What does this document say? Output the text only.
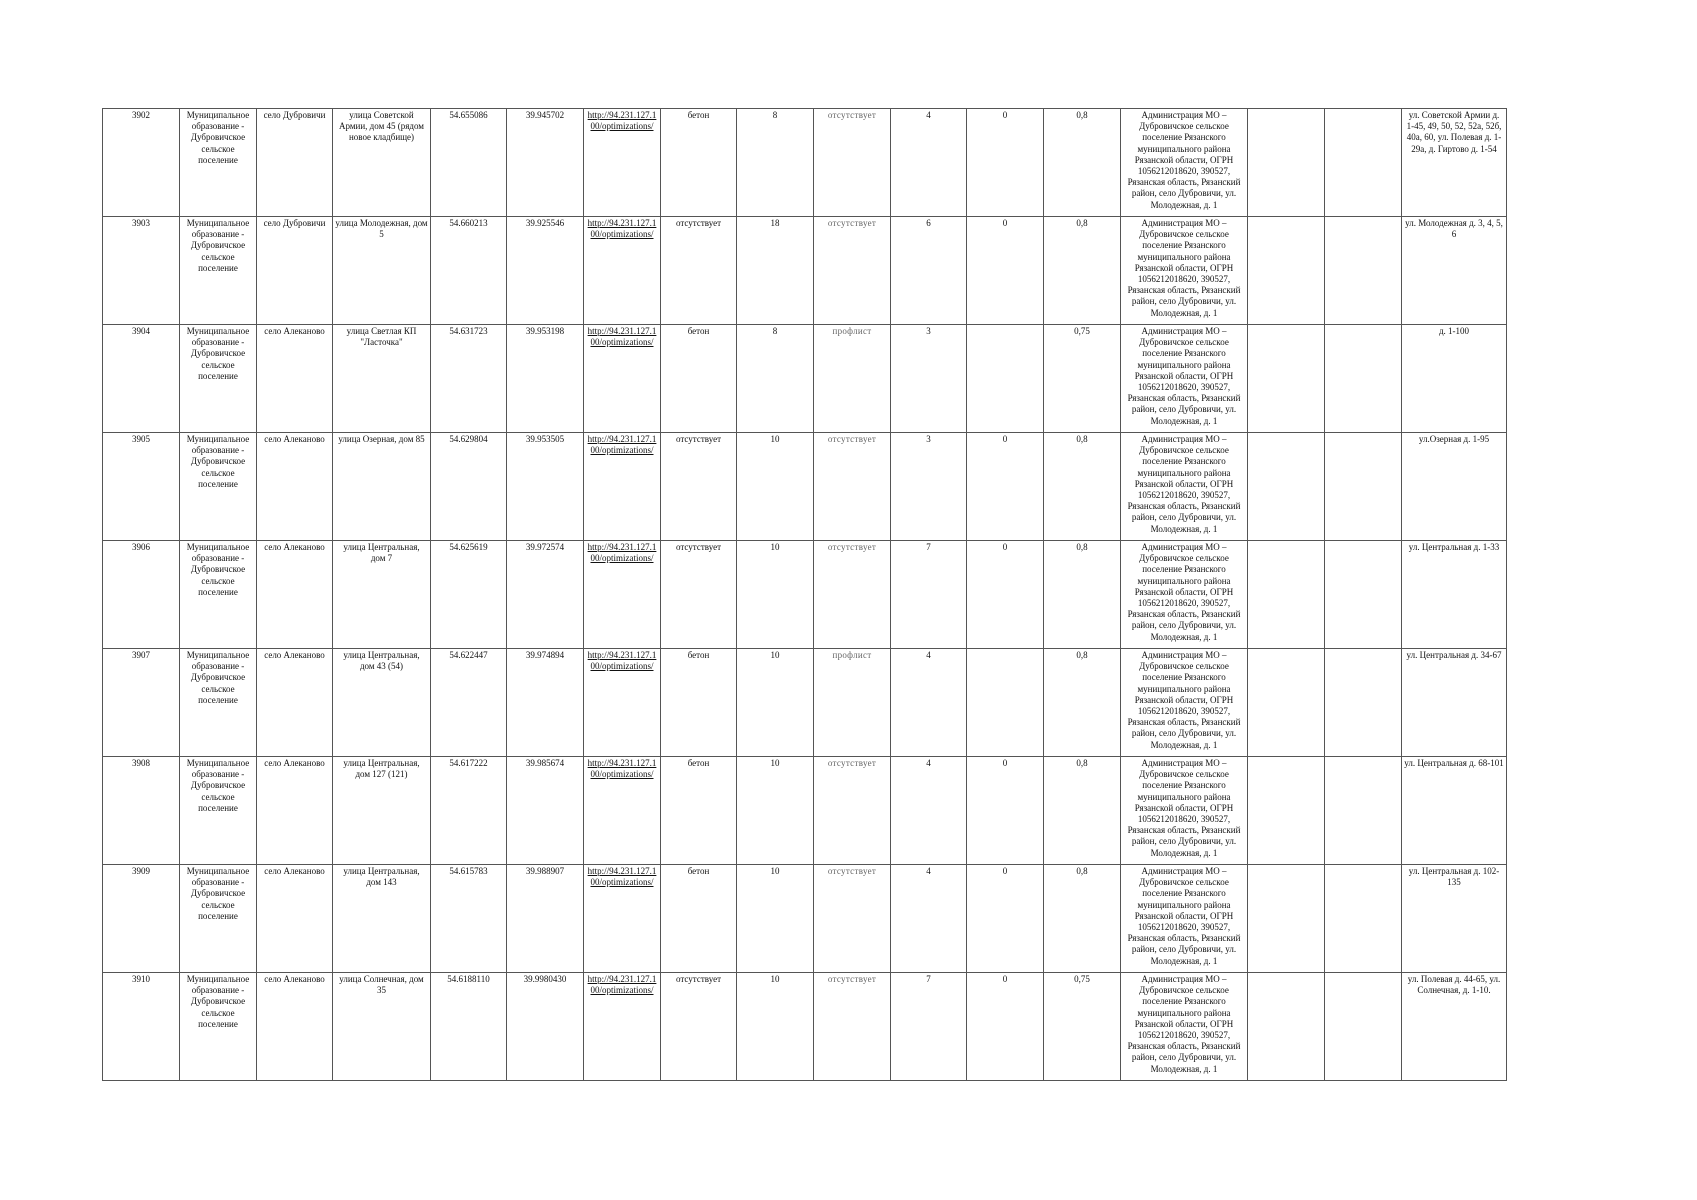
3902	Муниципальное образование - Дубровичское сельское поселение	село Дубровичи	улица Советской Армии, дом 45 (рядом новое кладбище)	54.655086	39.945702	http://94.231.127.100/optimizations/	бетон	8	отсутствует	4	0	0,8	Администрация МО – Дубровичское сельское поселение Рязанского муниципального района Рязанской области, ОГРН 1056212018620, 390527, Рязанская область, Рязанский район, село Дубровичи, ул. Молодежная, д. 1			ул. Советской Армии д. 1-45, 49, 50, 52, 52а, 52б, 40а, 60, ул. Полевая д. 1-29а, д. Гиртово д. 1-54
3903	Муниципальное образование - Дубровичское сельское поселение	село Дубровичи	улица Молодежная, дом 5	54.660213	39.925546	http://94.231.127.100/optimizations/	отсутствует	18	отсутствует	6	0	0,8	Администрация МО – Дубровичское сельское поселение Рязанского муниципального района Рязанской области, ОГРН 1056212018620, 390527, Рязанская область, Рязанский район, село Дубровичи, ул. Молодежная, д. 1			ул. Молодежная д. 3, 4, 5, 6
3904	Муниципальное образование - Дубровичское сельское поселение	село Алеканово	улица Светлая КП "Ласточка"	54.631723	39.953198	http://94.231.127.100/optimizations/	бетон	8	профлист	3		0,75	Администрация МО – Дубровичское сельское поселение Рязанского муниципального района Рязанской области, ОГРН 1056212018620, 390527, Рязанская область, Рязанский район, село Дубровичи, ул. Молодежная, д. 1			д. 1-100
3905	Муниципальное образование - Дубровичское сельское поселение	село Алеканово	улица Озерная, дом 85	54.629804	39.953505	http://94.231.127.100/optimizations/	отсутствует	10	отсутствует	3	0	0,8	Администрация МО – Дубровичское сельское поселение Рязанского муниципального района Рязанской области, ОГРН 1056212018620, 390527, Рязанская область, Рязанский район, село Дубровичи, ул. Молодежная, д. 1			ул.Озерная д. 1-95
3906	Муниципальное образование - Дубровичское сельское поселение	село Алеканово	улица Центральная, дом 7	54.625619	39.972574	http://94.231.127.100/optimizations/	отсутствует	10	отсутствует	7	0	0,8	Администрация МО – Дубровичское сельское поселение Рязанского муниципального района Рязанской области, ОГРН 1056212018620, 390527, Рязанская область, Рязанский район, село Дубровичи, ул. Молодежная, д. 1			ул. Центральная д. 1-33
3907	Муниципальное образование - Дубровичское сельское поселение	село Алеканово	улица Центральная, дом 43 (54)	54.622447	39.974894	http://94.231.127.100/optimizations/	бетон	10	профлист	4		0,8	Администрация МО – Дубровичское сельское поселение Рязанского муниципального района Рязанской области, ОГРН 1056212018620, 390527, Рязанская область, Рязанский район, село Дубровичи, ул. Молодежная, д. 1			ул. Центральная д. 34-67
3908	Муниципальное образование - Дубровичское сельское поселение	село Алеканово	улица Центральная, дом 127 (121)	54.617222	39.985674	http://94.231.127.100/optimizations/	бетон	10	отсутствует	4	0	0,8	Администрация МО – Дубровичское сельское поселение Рязанского муниципального района Рязанской области, ОГРН 1056212018620, 390527, Рязанская область, Рязанский район, село Дубровичи, ул. Молодежная, д. 1			ул. Центральная д. 68-101
3909	Муниципальное образование - Дубровичское сельское поселение	село Алеканово	улица Центральная, дом 143	54.615783	39.988907	http://94.231.127.100/optimizations/	бетон	10	отсутствует	4	0	0,8	Администрация МО – Дубровичское сельское поселение Рязанского муниципального района Рязанской области, ОГРН 1056212018620, 390527, Рязанская область, Рязанский район, село Дубровичи, ул. Молодежная, д. 1			ул. Центральная д. 102-135
3910	Муниципальное образование - Дубровичское сельское поселение	село Алеканово	улица Солнечная, дом 35	54.6188110	39.9980430	http://94.231.127.100/optimizations/	отсутствует	10	отсутствует	7	0	0,75	Администрация МО – Дубровичское сельское поселение Рязанского муниципального района Рязанской области, ОГРН 1056212018620, 390527, Рязанская область, Рязанский район, село Дубровичи, ул. Молодежная, д. 1			ул. Полевая д. 44-65, ул. Солнечная, д. 1-10.
